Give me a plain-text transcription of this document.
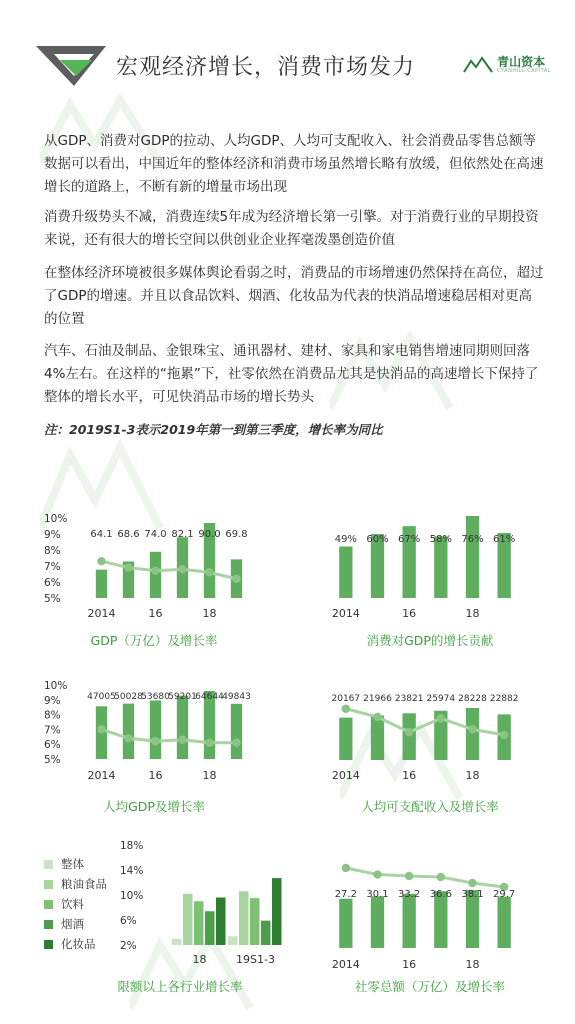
宏观经济增长，消费市场发力	青山资本
CYANHILL CAPITAL

从GDP、消费对GDP的拉动、人均GDP、人均可支配收入、社会消费品零售总额等数据可以看出，中国近年的整体经济和消费市场虽然增长略有放缓，但依然处在高速增长的道路上，不断有新的增量市场出现

消费升级势头不减，消费连续5年成为经济增长第一引擎。对于消费行业的早期投资来说，还有很大的增长空间以供创业企业挥毫泼墨创造价值

在整体经济环境被很多媒体舆论看弱之时，消费品的市场增速仍然保持在高位，超过了GDP的增速。并且以食品饮料、烟酒、化妆品为代表的快消品增速稳居相对更高的位置

汽车、石油及制品、金银珠宝、通讯器材、建材、家具和家电销售增速同期则回落4%左右。在这样的“拖累”下，社零依然在消费品尤其是快消品的高速增长下保持了整体的增长水平，可见快消品市场的增长势头

注：2019S1-3表示2019年第一到第三季度，增长率为同比
10%
9%
8%
7%
6%
5%
64.1 68.6 74.0 82.1 90.0 69.8
2014	16	18
GDP（万亿）及增长率
49% 60% 67% 58% 76% 61%
2014	16	18
消费对GDP的增长贡献
10%
9%
8%
7%
6%
5%
47005
50028
53680
59201
64644
49843
2014	16	18
人均GDP及增长率
20167 21966 23821 25974 28228 22882
2014	16	18
人均可支配收入及增长率
整体
粮油食品
饮料
烟酒
化妆品
18%
14%
10%
6%
2%
18	19S1-3
限额以上各行业增长率
27.2 30.1 33.2 36.6 38.1 29.7
2014	16	18
社零总额（万亿）及增长率
